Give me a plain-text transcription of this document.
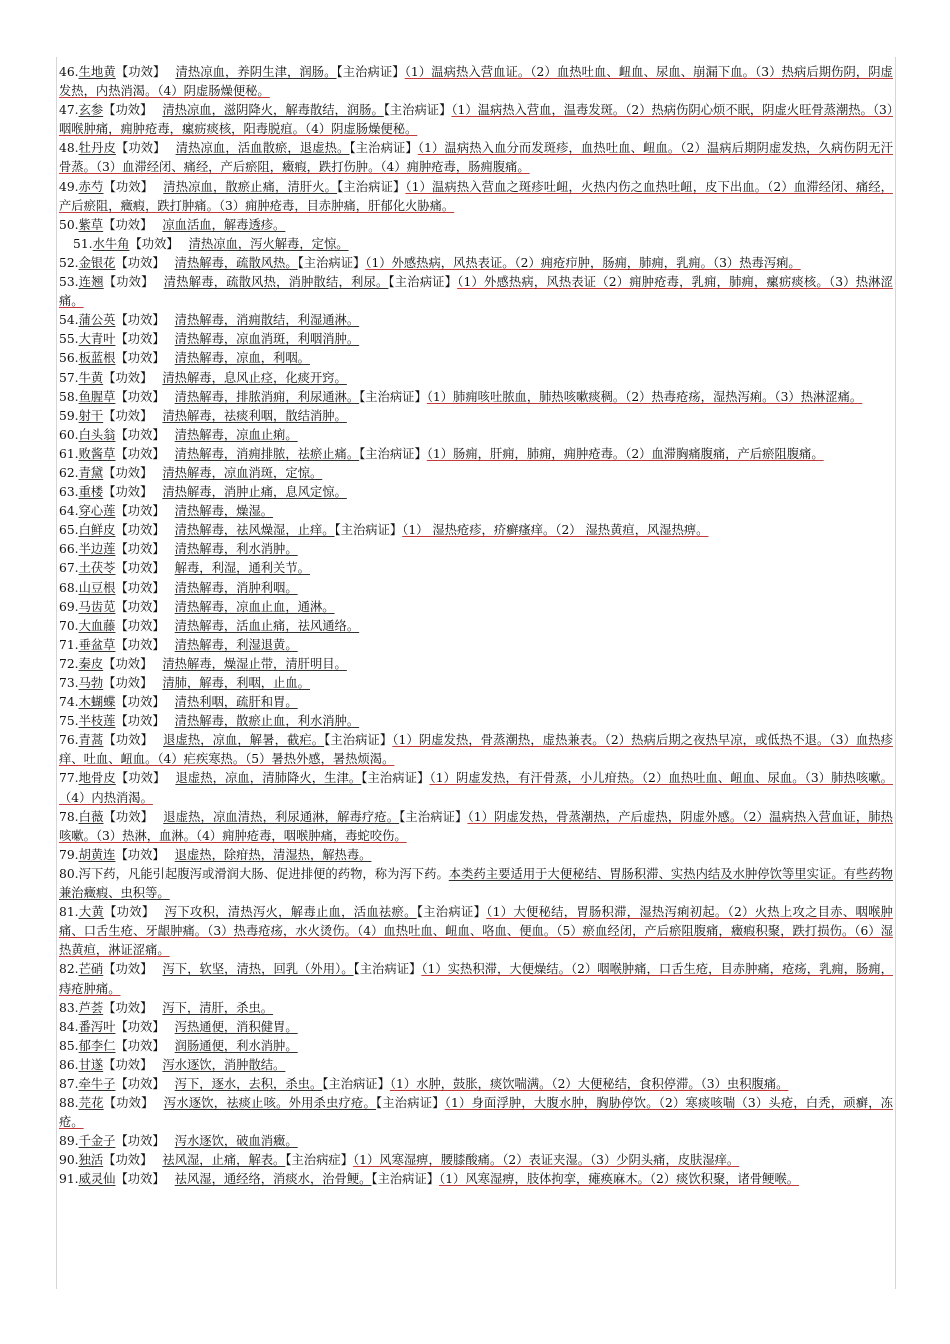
46.生地黄【功效】 清热凉血，养阴生津，润肠。【主治病证】（1）温病热入营血证。（2）血热吐血、衄血、尿血、崩漏下血。（3）热病后期伤阴，阴虚发热，内热消渴。（4）阴虚肠燥便秘。
47.玄参【功效】 清热凉血，滋阴降火，解毒散结，润肠。【主治病证】（1）温病热入营血，温毒发斑。（2）热病伤阴心烦不眠，阴虚火旺骨蒸潮热。（3）咽喉肿痛，痈肿疮毒，瘰疬痰核，阳毒脱疽。（4）阴虚肠燥便秘。
48.牡丹皮【功效】 清热凉血，活血散瘀，退虚热。【主治病证】（1）温病热入血分而发斑疹，血热吐血、衄血。（2）温病后期阴虚发热，久病伤阴无汗骨蒸。（3）血滞经闭、痛经，产后瘀阻，癥瘕，跌打伤肿。（4）痈肿疮毒，肠痈腹痛。
49.赤芍【功效】 清热凉血，散瘀止痛，清肝火。【主治病证】（1）温病热入营血之斑疹吐衄，火热内伤之血热吐衄，皮下出血。（2）血滞经闭、痛经，产后瘀阻，癥瘕，跌打肿痛。（3）痈肿疮毒，目赤肿痛，肝郁化火胁痛。
50.紫草【功效】 凉血活血，解毒透疹。
51.水牛角【功效】 清热凉血，泻火解毒，定惊。
52.金银花【功效】 清热解毒，疏散风热。【主治病证】（1）外感热病，风热表证。（2）痈疮疖肿，肠痈，肺痈，乳痈。（3）热毒泻痢。
53.连翘【功效】 清热解毒，疏散风热，消肿散结，利尿。【主治病证】（1）外感热病，风热表证（2）痈肿疮毒，乳痈，肺痈，瘰疬痰核。（3）热淋涩痛。
54.蒲公英【功效】 清热解毒，消痈散结，利湿通淋。
55.大青叶【功效】 清热解毒，凉血消斑，利咽消肿。
56.板蓝根【功效】 清热解毒，凉血，利咽。
57.牛黄【功效】 清热解毒，息风止痉，化痰开窍。
58.鱼腥草【功效】 清热解毒，排脓消痈，利尿通淋。【主治病证】（1）肺痈咳吐脓血，肺热咳嗽痰稠。（2）热毒疮疡，湿热泻痢。（3）热淋涩痛。
59.射干【功效】 清热解毒，祛痰利咽，散结消肿。
60.白头翁【功效】 清热解毒，凉血止痢。
61.败酱草【功效】 清热解毒，消痈排脓，祛瘀止痛。【主治病证】（1）肠痈，肝痈，肺痈，痈肿疮毒。（2）血滞胸痛腹痛，产后瘀阻腹痛。
62.青黛【功效】 清热解毒，凉血消斑，定惊。
63.重楼【功效】 清热解毒，消肿止痛，息风定惊。
64.穿心莲【功效】 清热解毒，燥湿。
65.白鲜皮【功效】 清热解毒，祛风燥湿，止痒。【主治病证】（1） 湿热疮疹，疥癣瘙痒。（2） 湿热黄疸，风湿热痹。
66.半边莲【功效】 清热解毒，利水消肿。
67.土茯苓【功效】 解毒，利湿，通利关节。
68.山豆根【功效】 清热解毒，消肿利咽。
69.马齿苋【功效】 清热解毒，凉血止血，通淋。
70.大血藤【功效】 清热解毒，活血止痛，祛风通络。
71.垂盆草【功效】 清热解毒，利湿退黄。
72.秦皮【功效】 清热解毒，燥湿止带，清肝明目。
73.马勃【功效】 清肺，解毒，利咽，止血。
74.木蝴蝶【功效】 清热利咽，疏肝和胃。
75.半枝莲【功效】 清热解毒，散瘀止血，利水消肿。
76.青蒿【功效】 退虚热，凉血，解暑，截疟。【主治病证】（1）阴虚发热，骨蒸潮热，虚热兼表。（2）热病后期之夜热早凉，或低热不退。（3）血热疹痒、吐血、衄血。（4）疟疾寒热。（5）暑热外感，暑热烦渴。
77.地骨皮【功效】 退虚热，凉血，清肺降火，生津。【主治病证】（1）阴虚发热，有汗骨蒸，小儿疳热。（2）血热吐血、衄血、尿血。（3）肺热咳嗽。（4）内热消渴。
78.白薇【功效】 退虚热，凉血清热，利尿通淋，解毒疗疮。【主治病证】（1）阴虚发热，骨蒸潮热，产后虚热，阴虚外感。（2）温病热入营血证，肺热咳嗽。（3）热淋，血淋。（4）痈肿疮毒，咽喉肿痛，毒蛇咬伤。
79.胡黄连【功效】 退虚热，除疳热，清湿热，解热毒。
80.泻下药，凡能引起腹泻或滑润大肠、促进排便的药物，称为泻下药。本类药主要适用于大便秘结、胃肠积滞、实热内结及水肿停饮等里实证。有些药物兼治癥瘕、虫积等。
81.大黄【功效】 泻下攻积，清热泻火，解毒止血，活血祛瘀。【主治病证】（1）大便秘结，胃肠积滞，湿热泻痢初起。（2）火热上攻之目赤、咽喉肿痛、口舌生疮、牙龈肿痛。（3）热毒疮疡，水火烫伤。（4）血热吐血、衄血、咯血、便血。（5）瘀血经闭，产后瘀阻腹痛，癥瘕积聚，跌打损伤。（6）湿热黄疸，淋证涩痛。
82.芒硝【功效】 泻下，软坚，清热，回乳（外用）。【主治病证】（1）实热积滞，大便燥结。（2）咽喉肿痛，口舌生疮，目赤肿痛，疮疡，乳痈，肠痈，痔疮肿痛。
83.芦荟【功效】 泻下，清肝，杀虫。
84.番泻叶【功效】 泻热通便，消积健胃。
85.郁李仁【功效】 润肠通便，利水消肿。
86.甘遂【功效】 泻水逐饮，消肿散结。
87.牵牛子【功效】 泻下，逐水，去积，杀虫。【主治病证】（1）水肿，鼓胀，痰饮喘满。（2）大便秘结，食积停滞。（3）虫积腹痛。
88.芫花【功效】 泻水逐饮，祛痰止咳。外用杀虫疗疮。【主治病证】（1）身面浮肿，大腹水肿，胸胁停饮。（2）寒痰咳喘（3）头疮，白秃，顽癣，冻疮。
89.千金子【功效】 泻水逐饮，破血消癥。
90.独活【功效】 祛风湿，止痛，解表。【主治病症】（1）风寒湿痹，腰膝酸痛。（2）表证夹湿。（3）少阴头痛，皮肤湿痒。
91.威灵仙【功效】 祛风湿，通经络，消痰水，治骨鲠。【主治病证】（1）风寒湿痹，肢体拘挛，瘫痪麻木。（2）痰饮积聚，诸骨鲠喉。
